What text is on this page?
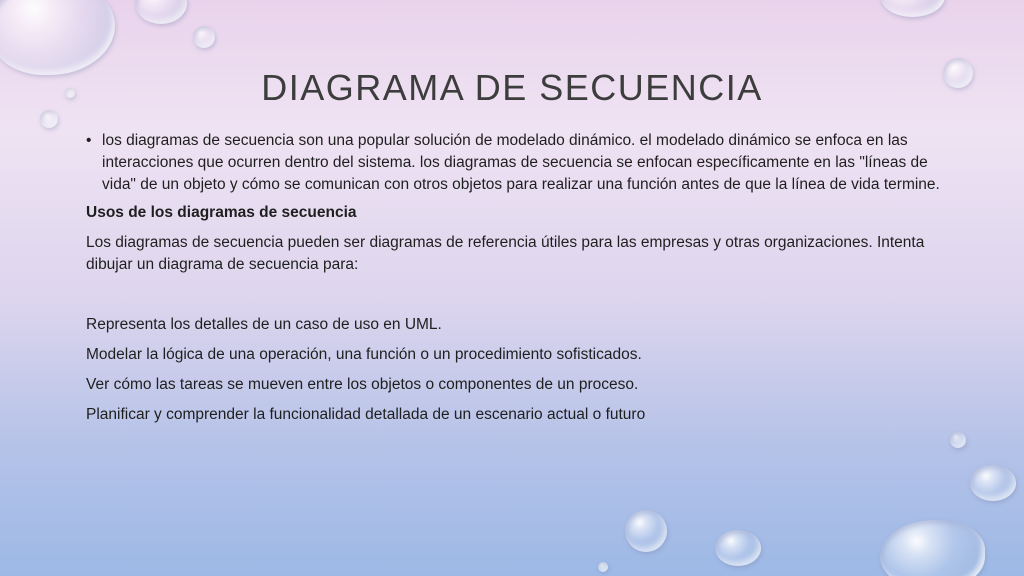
DIAGRAMA DE SECUENCIA
• los diagramas de secuencia son una popular solución de modelado dinámico. el modelado dinámico se enfoca en las interacciones que ocurren dentro del sistema. los diagramas de secuencia se enfocan específicamente en las "líneas de vida" de un objeto y cómo se comunican con otros objetos para realizar una función antes de que la línea de vida termine.

Usos de los diagramas de secuencia

Los diagramas de secuencia pueden ser diagramas de referencia útiles para las empresas y otras organizaciones. Intenta dibujar un diagrama de secuencia para:

Representa los detalles de un caso de uso en UML.

Modelar la lógica de una operación, una función o un procedimiento sofisticados.

Ver cómo las tareas se mueven entre los objetos o componentes de un proceso.

Planificar y comprender la funcionalidad detallada de un escenario actual o futuro
